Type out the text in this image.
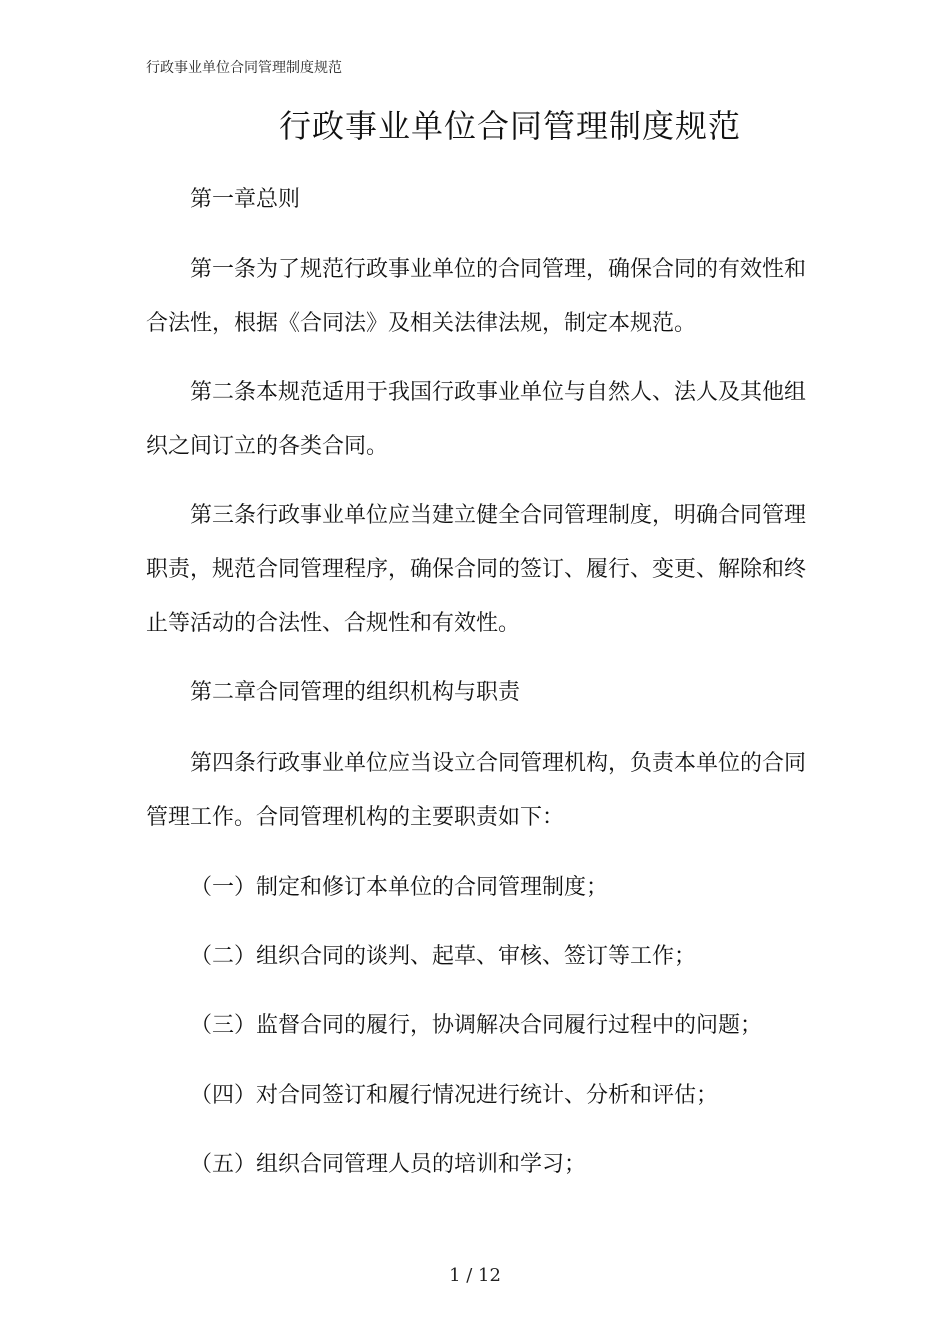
行政事业单位合同管理制度规范
行政事业单位合同管理制度规范

第一章总则

第一条为了规范行政事业单位的合同管理，确保合同的有效性和合法性，根据《合同法》及相关法律法规，制定本规范。

第二条本规范适用于我国行政事业单位与自然人、法人及其他组织之间订立的各类合同。

第三条行政事业单位应当建立健全合同管理制度，明确合同管理职责，规范合同管理程序，确保合同的签订、履行、变更、解除和终止等活动的合法性、合规性和有效性。

第二章合同管理的组织机构与职责

第四条行政事业单位应当设立合同管理机构，负责本单位的合同管理工作。合同管理机构的主要职责如下：

（一）制定和修订本单位的合同管理制度；

（二）组织合同的谈判、起草、审核、签订等工作；

（三）监督合同的履行，协调解决合同履行过程中的问题；

（四）对合同签订和履行情况进行统计、分析和评估；

（五）组织合同管理人员的培训和学习；

1 / 12
